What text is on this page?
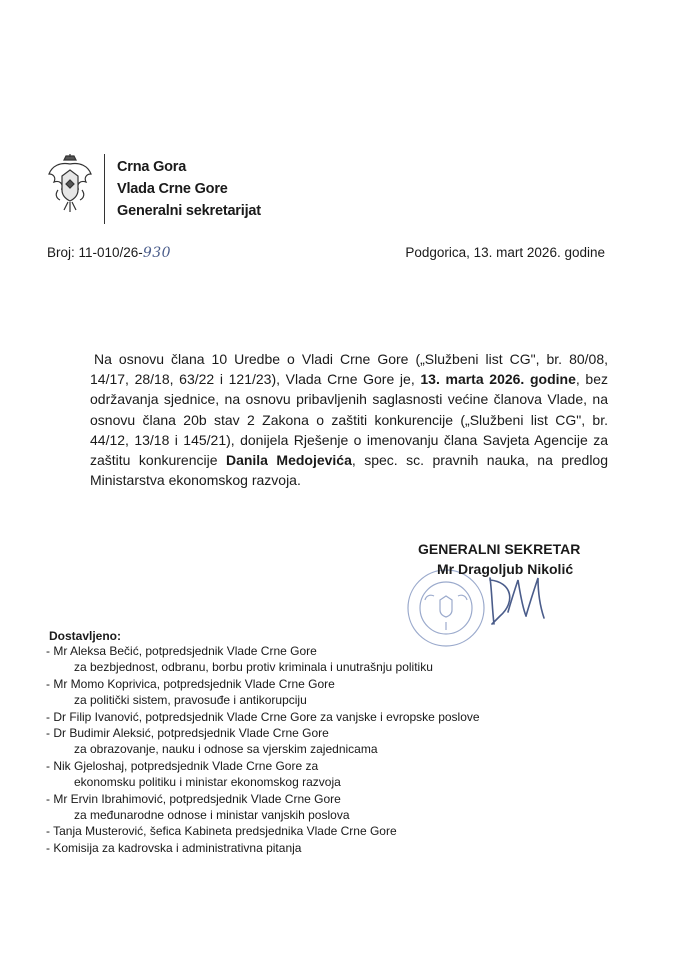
Crna Gora
Vlada Crne Gore
Generalni sekretarijat
Broj: 11-010/26-930	Podgorica, 13. mart 2026. godine
Na osnovu člana 10 Uredbe o Vladi Crne Gore („Službeni list CG", br. 80/08, 14/17, 28/18, 63/22 i 121/23), Vlada Crne Gore je, 13. marta 2026. godine, bez održavanja sjednice, na osnovu pribavljenih saglasnosti većine članova Vlade, na osnovu člana 20b stav 2 Zakona o zaštiti konkurencije („Službeni list CG", br. 44/12, 13/18 i 145/21), donijela Rješenje o imenovanju člana Savjeta Agencije za zaštitu konkurencije Danila Medojevića, spec. sc. pravnih nauka, na predlog Ministarstva ekonomskog razvoja.
GENERALNI SEKRETAR
Mr Dragoljub Nikolić
Dostavljeno:
- Mr Aleksa Bečić, potpredsjednik Vlade Crne Gore
za bezbjednost, odbranu, borbu protiv kriminala i unutrašnju politiku
- Mr Momo Koprivica, potpredsjednik Vlade Crne Gore
za politički sistem, pravosuđe i antikorupciju
- Dr Filip Ivanović, potpredsjednik Vlade Crne Gore za vanjske i evropske poslove
- Dr Budimir Aleksić, potpredsjednik Vlade Crne Gore
za obrazovanje, nauku i odnose sa vjerskim zajednicama
- Nik Gjeloshaj, potpredsjednik Vlade Crne Gore za
ekonomsku politiku i ministar ekonomskog razvoja
- Mr Ervin Ibrahimović, potpredsjednik Vlade Crne Gore
za međunarodne odnose i ministar vanjskih poslova
- Tanja Musterović, šefica Kabineta predsjednika Vlade Crne Gore
- Komisija za kadrovska i administrativna pitanja
